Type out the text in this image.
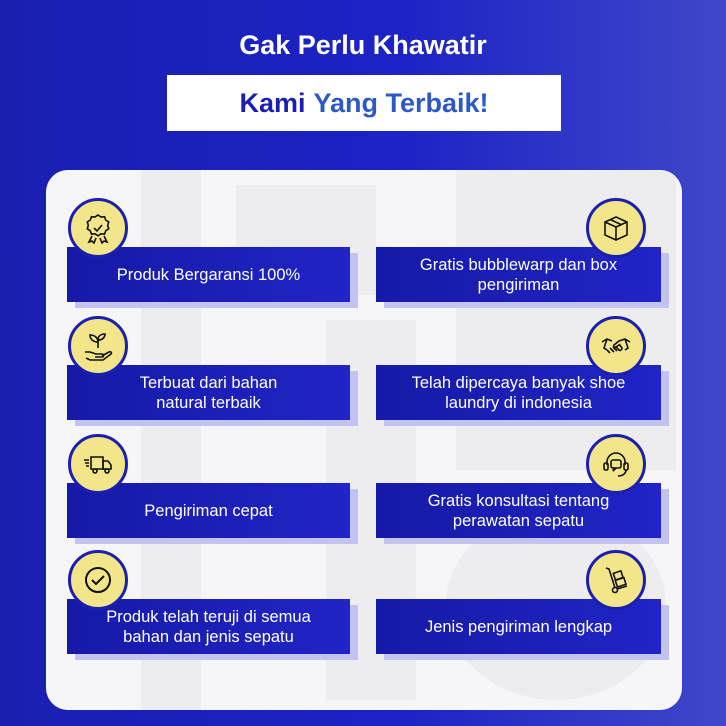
Gak Perlu Khawatir
Kami Yang Terbaik!
Produk Bergaransi 100%
Gratis bubblewarp dan box pengiriman
Terbuat dari bahan natural terbaik
Telah dipercaya banyak shoe laundry di indonesia
Pengiriman cepat
Gratis konsultasi tentang perawatan sepatu
Produk telah teruji di semua bahan dan jenis sepatu
Jenis pengiriman lengkap
